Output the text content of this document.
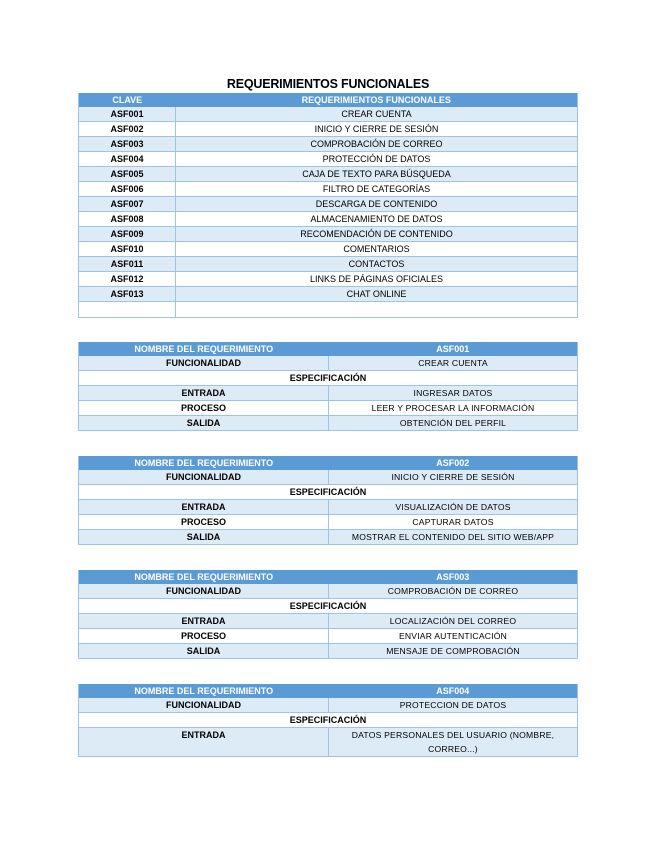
REQUERIMIENTOS FUNCIONALES
CLAVE	REQUERIMIENTOS FUNCIONALES
ASF001	CREAR CUENTA
ASF002	INICIO Y CIERRE DE SESIÓN
ASF003	COMPROBACIÓN DE CORREO
ASF004	PROTECCIÓN DE DATOS
ASF005	CAJA DE TEXTO PARA BÚSQUEDA
ASF006	FILTRO DE CATEGORÍAS
ASF007	DESCARGA DE CONTENIDO
ASF008	ALMACENAMIENTO DE DATOS
ASF009	RECOMENDACIÓN DE CONTENIDO
ASF010	COMENTARIOS
ASF011	CONTACTOS
ASF012	LINKS DE PÁGINAS OFICIALES
ASF013	CHAT ONLINE

NOMBRE DEL REQUERIMIENTO	ASF001
FUNCIONALIDAD	CREAR CUENTA
ESPECIFICACIÓN	
ENTRADA	INGRESAR DATOS
PROCESO	LEER Y PROCESAR LA INFORMACIÓN
SALIDA	OBTENCIÓN DEL PERFIL
NOMBRE DEL REQUERIMIENTO	ASF002
FUNCIONALIDAD	INICIO Y CIERRE DE SESIÓN
ESPECIFICACIÓN	
ENTRADA	VISUALIZACIÓN DE DATOS
PROCESO	CAPTURAR DATOS
SALIDA	MOSTRAR EL CONTENIDO DEL SITIO WEB/APP
NOMBRE DEL REQUERIMIENTO	ASF003
FUNCIONALIDAD	COMPROBACIÓN DE CORREO
ESPECIFICACIÓN	
ENTRADA	LOCALIZACIÓN DEL CORREO
PROCESO	ENVIAR AUTENTICACIÓN
SALIDA	MENSAJE DE COMPROBACIÓN
NOMBRE DEL REQUERIMIENTO	ASF004
FUNCIONALIDAD	PROTECCION DE DATOS
ESPECIFICACIÓN	
ENTRADA	DATOS PERSONALES DEL USUARIO (NOMBRE, CORREO...)
